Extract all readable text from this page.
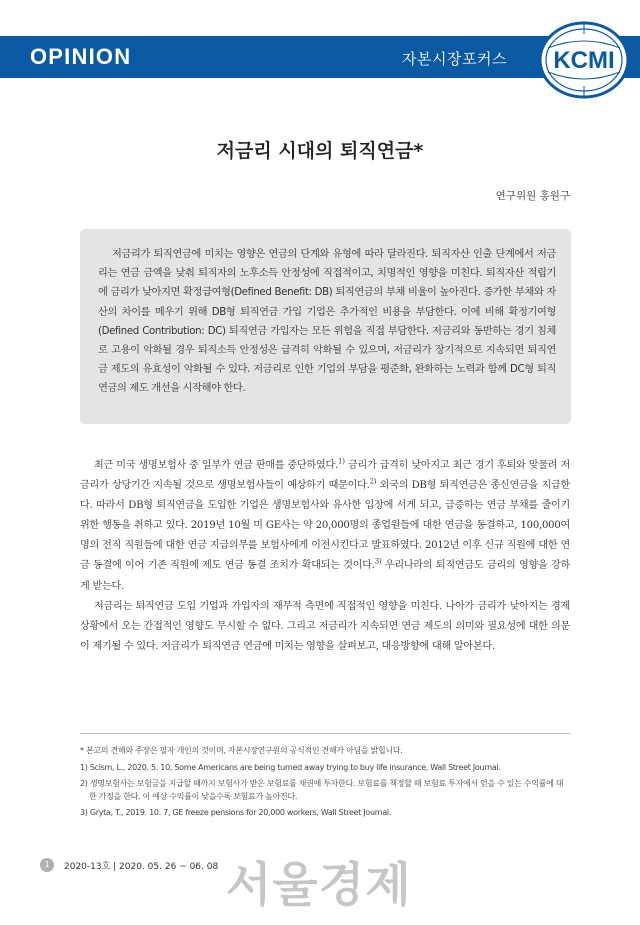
OPINION	자본시장포커스 KCMI
저금리 시대의 퇴직연금*
연구위원 홍원구

저금리가 퇴직연금에 미치는 영향은 연금의 단계와 유형에 따라 달라진다. 퇴직자산 인출 단계에서 저금리는 연금 금액을 낮춰 퇴직자의 노후소득 안정성에 직접적이고, 치명적인 영향을 미친다. 퇴직자산 적립기에 금리가 낮아지면 확정급여형(Defined Benefit: DB) 퇴직연금의 부채 비율이 높아진다. 증가한 부채와 자산의 차이를 메우기 위해 DB형 퇴직연금 가입 기업은 추가적인 비용을 부담한다. 이에 비해 확정기여형(Defined Contribution: DC) 퇴직연금 가입자는 모든 위험을 직접 부담한다. 저금리와 동반하는 경기 침체로 고용이 악화될 경우 퇴직소득 안정성은 급격히 악화될 수 있으며, 저금리가 장기적으로 지속되면 퇴직연금 제도의 유효성이 악화될 수 있다. 저금리로 인한 기업의 부담을 평준화, 완화하는 노력과 함께 DC형 퇴직연금의 제도 개선을 시작해야 한다.

최근 미국 생명보험사 중 일부가 연금 판매를 중단하였다.$^{1)}$ 금리가 급격히 낮아지고 최근 경기 후퇴와 맞물려 저금리가 상당기간 지속될 것으로 생명보험사들이 예상하기 때문이다.$^{2)}$ 외국의 DB형 퇴직연금은 종신연금을 지급한다. 따라서 DB형 퇴직연금을 도입한 기업은 생명보험사와 유사한 입장에 서게 되고, 급증하는 연금 부채를 줄이기 위한 행동을 취하고 있다. 2019년 10월 미 GE사는 약 20,000명의 종업원들에 대한 연금을 동결하고, 100,000여명의 전직 직원들에 대한 연금 지급의무를 보험사에게 이전시킨다고 발표하였다. 2012년 이후 신규 직원에 대한 연금 동결에 이어 기존 직원에 제도 연금 동결 조치가 확대되는 것이다.$^{3)}$ 우리나라의 퇴직연금도 금리의 영향을 강하게 받는다.

저금리는 퇴직연금 도입 기업과 가입자의 재무적 측면에 직접적인 영향을 미친다. 나아가 금리가 낮아지는 경제 상황에서 오는 간접적인 영향도 무시할 수 없다. 그리고 저금리가 지속되면 연금 제도의 의미와 필요성에 대한 의문이 제기될 수 있다. 저금리가 퇴직연금 연금에 미치는 영향을 살펴보고, 대응방향에 대해 알아본다.

* 본고의 견해와 주장은 필자 개인의 것이며, 자본시장연구원의 공식적인 견해가 아님을 밝힙니다.
1) Scism, L., 2020. 5. 10, Some Americans are being turned away trying to buy life insurance, Wall Street Journal.
2) 생명보험사는 보험금을 지급할 때까지 보험사가 받은 보험료를 채권에 투자한다. 보험료를 책정할 때 보험료 투자에서 얻을 수 있는 수익률에 대한 가정을 한다. 이 예상 수익률이 낮을수록 보험료가 높아진다.
3) Gryta, T., 2019. 10. 7, GE freeze pensions for 20,000 workers, Wall Street Journal.
1	2020-13호 | 2020. 05. 26 ~ 06. 08 서울경제
